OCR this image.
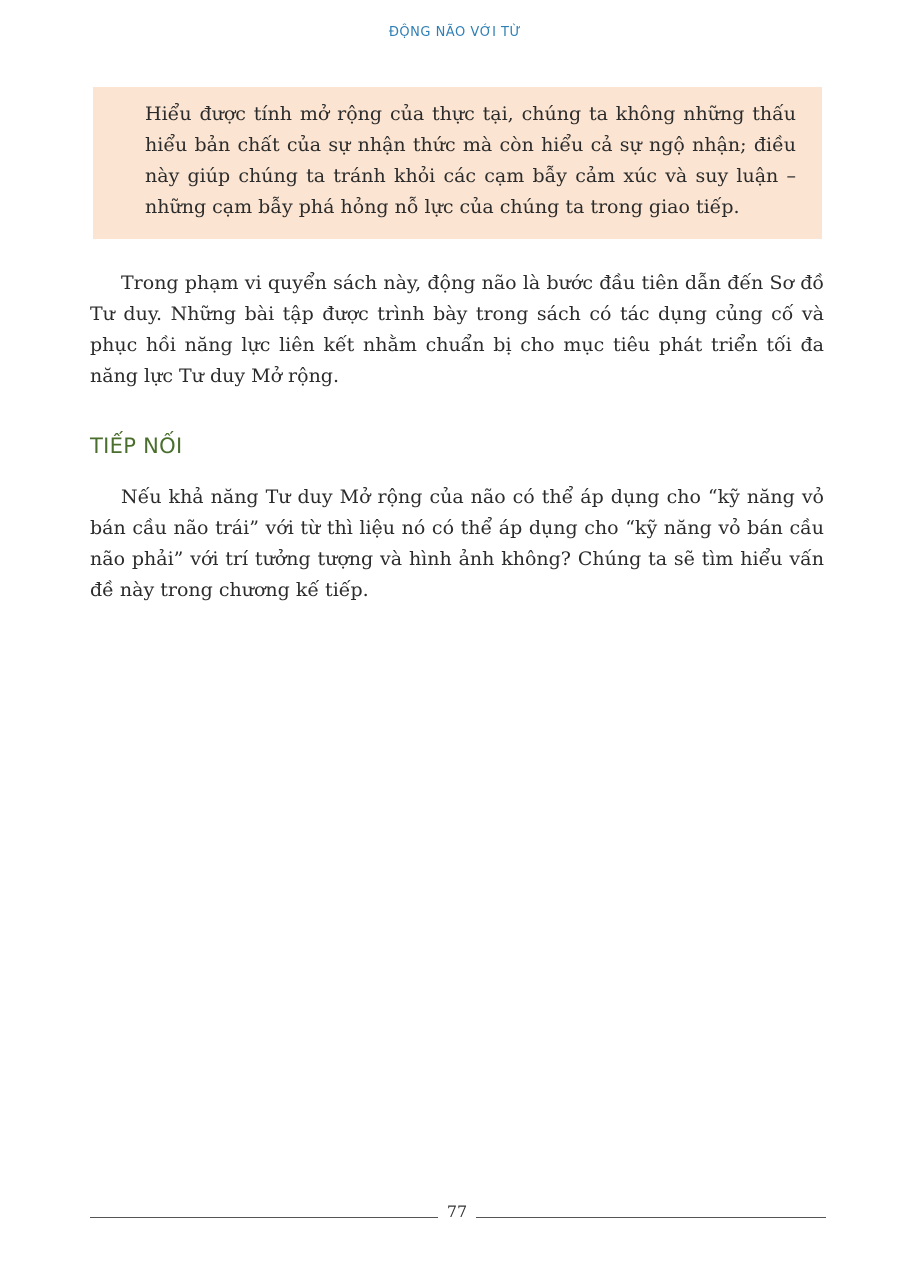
ĐỘNG NÃO VỚI TỪ

Hiểu được tính mở rộng của thực tại, chúng ta không những thấu hiểu bản chất của sự nhận thức mà còn hiểu cả sự ngộ nhận; điều này giúp chúng ta tránh khỏi các cạm bẫy cảm xúc và suy luận – những cạm bẫy phá hỏng nỗ lực của chúng ta trong giao tiếp.

Trong phạm vi quyển sách này, động não là bước đầu tiên dẫn đến Sơ đồ Tư duy. Những bài tập được trình bày trong sách có tác dụng củng cố và phục hồi năng lực liên kết nhằm chuẩn bị cho mục tiêu phát triển tối đa năng lực Tư duy Mở rộng.

TIẾP NỐI

Nếu khả năng Tư duy Mở rộng của não có thể áp dụng cho “kỹ năng vỏ bán cầu não trái” với từ thì liệu nó có thể áp dụng cho “kỹ năng vỏ bán cầu não phải” với trí tưởng tượng và hình ảnh không? Chúng ta sẽ tìm hiểu vấn đề này trong chương kế tiếp.

77
